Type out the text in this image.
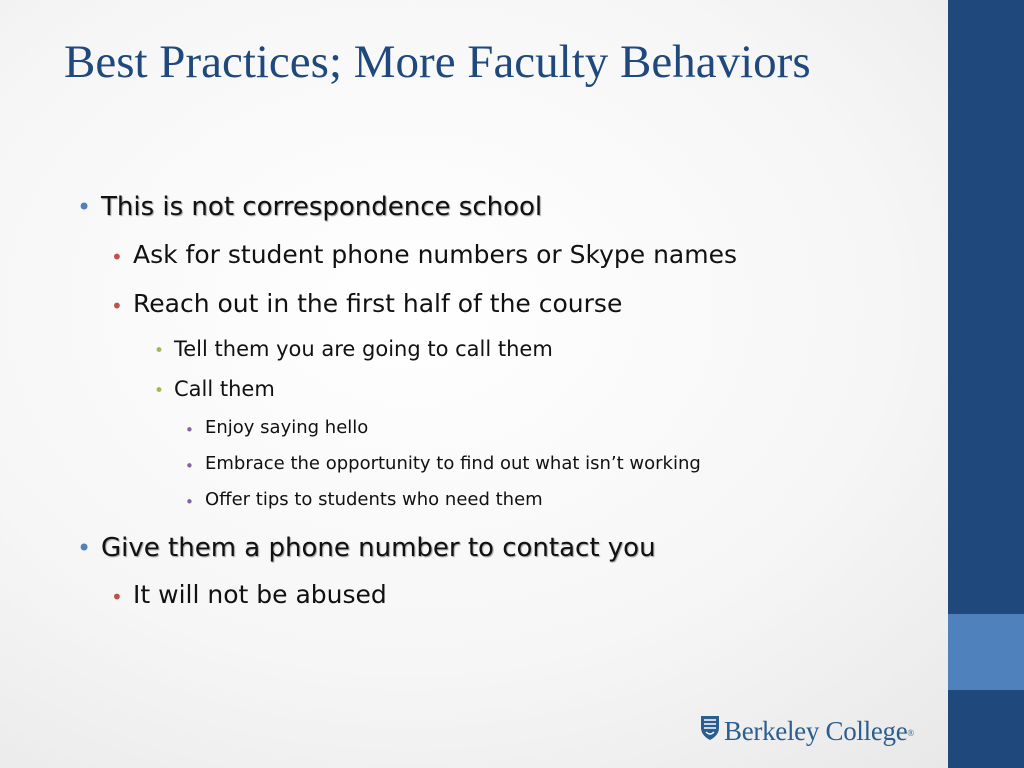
Best Practices; More Faculty Behaviors
• This is not correspondence school
• Ask for student phone numbers or Skype names
• Reach out in the first half of the course
• Tell them you are going to call them
• Call them
• Enjoy saying hello
• Embrace the opportunity to find out what isn’t working
• Offer tips to students who need them
• Give them a phone number to contact you
• It will not be abused
Berkeley College®
